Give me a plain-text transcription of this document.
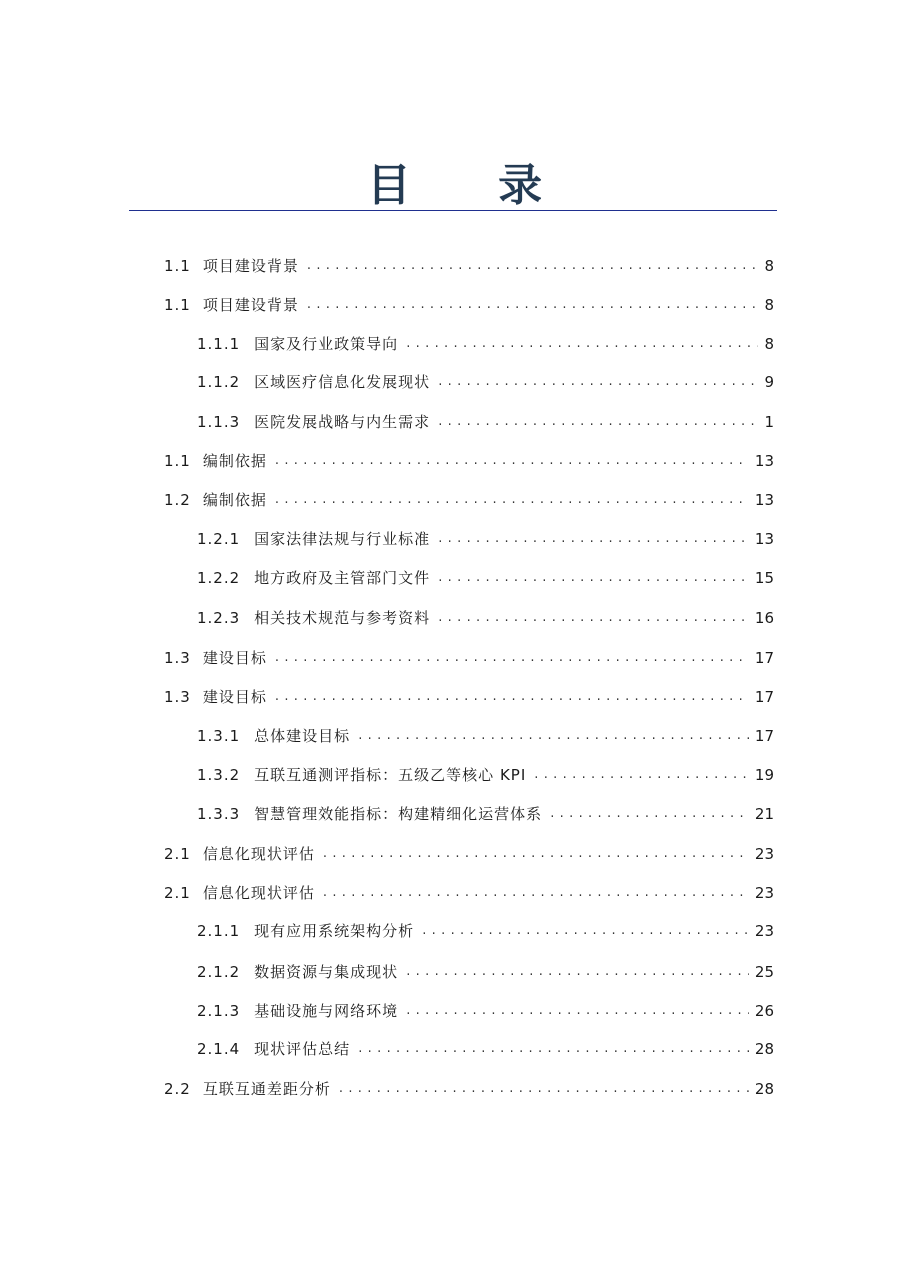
目 录
1.1 项目建设背景 . . .	8
1.1 项目建设背景 . . .	8
1.1.1 国家及行业政策导向 . . .	8
1.1.2 区域医疗信息化发展现状 . . .	9
1.1.3 医院发展战略与内生需求 . . .	1
1.1 编制依据 . . .	13
1.2 编制依据 . . .	13
1.2.1 国家法律法规与行业标准 . . .	13
1.2.2 地方政府及主管部门文件 . . .	15
1.2.3 相关技术规范与参考资料 . . .	16
1.3 建设目标 . . .	17
1.3 建设目标 . . .	17
1.3.1 总体建设目标 . . .	17
1.3.2 互联互通测评指标：五级乙等核心 KPI . . .	19
1.3.3 智慧管理效能指标：构建精细化运营体系 . . .	21
2.1 信息化现状评估 . . .	23
2.1 信息化现状评估 . . .	23
2.1.1 现有应用系统架构分析 . . .	23
2.1.2 数据资源与集成现状 . . .	25
2.1.3 基础设施与网络环境 . . .	26
2.1.4 现状评估总结 . . .	28
2.2 互联互通差距分析 . . .	28
